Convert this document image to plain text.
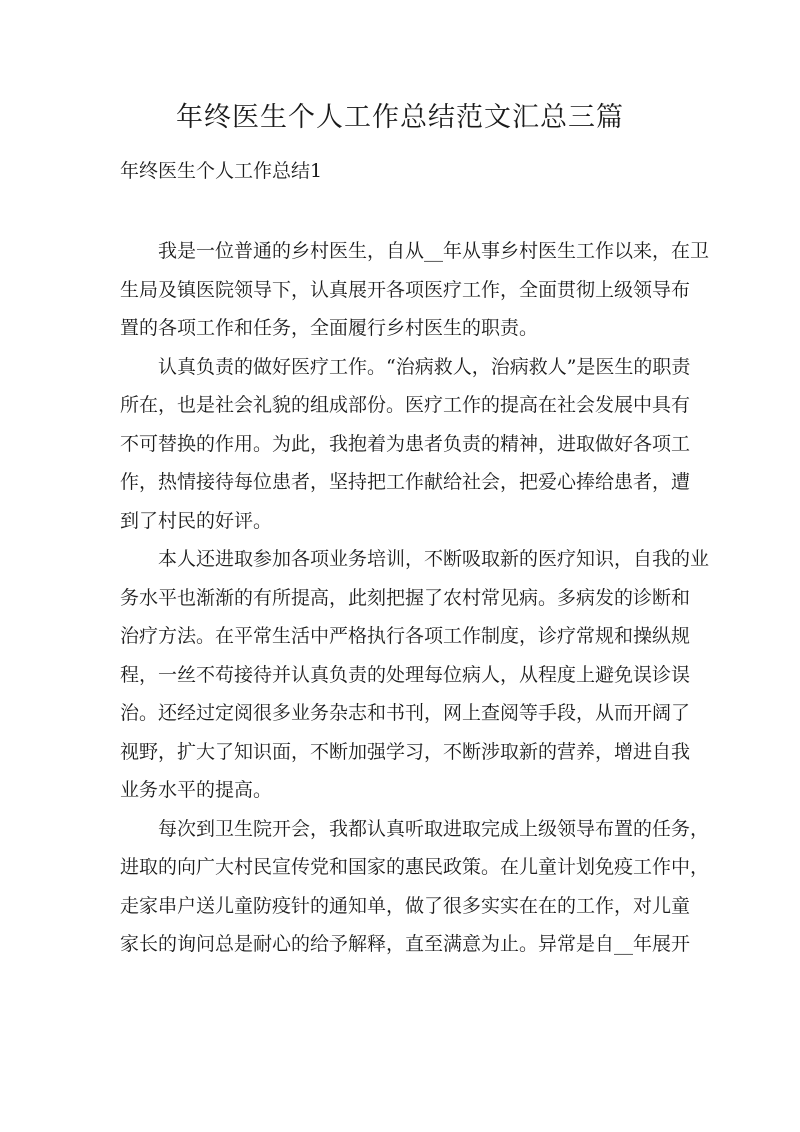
年终医生个人工作总结范文汇总三篇
年终医生个人工作总结1
我是一位普通的乡村医生，自从__年从事乡村医生工作以来，在卫
生局及镇医院领导下，认真展开各项医疗工作，全面贯彻上级领导布
置的各项工作和任务，全面履行乡村医生的职责。
认真负责的做好医疗工作。“治病救人，治病救人”是医生的职责
所在，也是社会礼貌的组成部份。医疗工作的提高在社会发展中具有
不可替换的作用。为此，我抱着为患者负责的精神，进取做好各项工
作，热情接待每位患者，坚持把工作献给社会，把爱心捧给患者，遭
到了村民的好评。
本人还进取参加各项业务培训，不断吸取新的医疗知识，自我的业
务水平也渐渐的有所提高，此刻把握了农村常见病。多病发的诊断和
治疗方法。在平常生活中严格执行各项工作制度，诊疗常规和操纵规
程，一丝不苟接待并认真负责的处理每位病人，从程度上避免误诊误
治。还经过定阅很多业务杂志和书刊，网上查阅等手段，从而开阔了
视野，扩大了知识面，不断加强学习，不断涉取新的营养，增进自我
业务水平的提高。
每次到卫生院开会，我都认真听取进取完成上级领导布置的任务，
进取的向广大村民宣传党和国家的惠民政策。在儿童计划免疫工作中，
走家串户送儿童防疫针的通知单，做了很多实实在在的工作，对儿童
家长的询问总是耐心的给予解释，直至满意为止。异常是自__年展开
